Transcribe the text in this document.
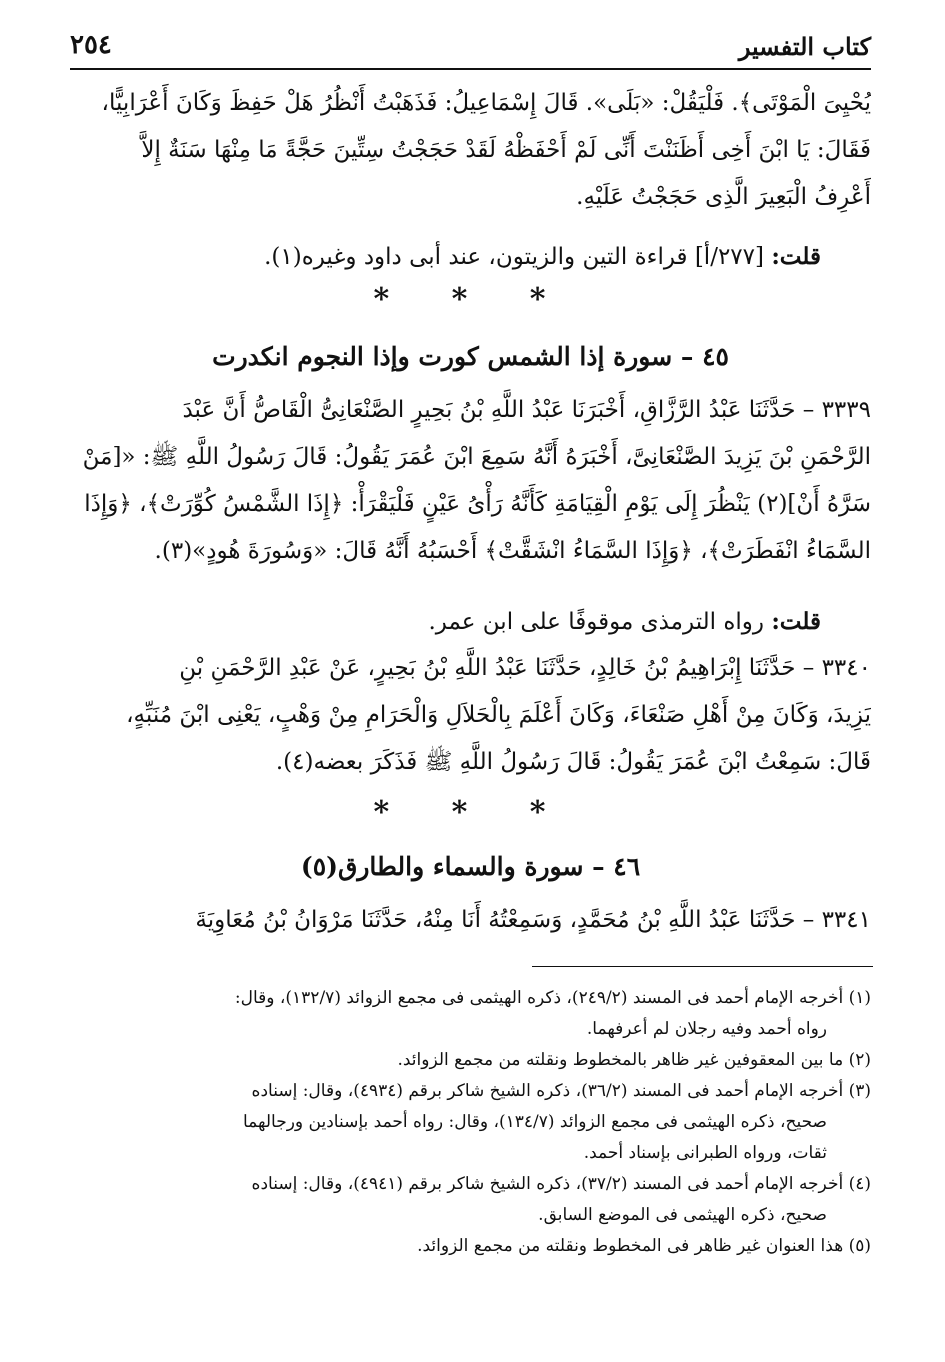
كتاب التفسير
٢٥٤
يُحْيِىَ الْمَوْتَى﴾. فَلْيَقُلْ: «بَلَى». قَالَ إِسْمَاعِيلُ: فَذَهَبْتُ أَنْظُرُ هَلْ حَفِظَ وَكَانَ أَعْرَابِيًّا،
فَقَالَ: يَا ابْنَ أَخِى أَظَنَنْتَ أَنِّى لَمْ أَحْفَظْهُ لَقَدْ حَجَجْتُ سِتِّينَ حَجَّةً مَا مِنْهَا سَنَةٌ إِلاَّ
أَعْرِفُ الْبَعِيرَ الَّذِى حَجَجْتُ عَلَيْهِ.
قلت: [٢٧٧/أ] قراءة التين والزيتون، عند أبى داود وغيره(١).
* * *
٤٥ – سورة إذا الشمس كورت وإذا النجوم انكدرت
٣٣٣٩ – حَدَّثَنَا عَبْدُ الرَّزَّاقِ، أَخْبَرَنَا عَبْدُ اللَّهِ بْنُ بَحِيرٍ الصَّنْعَانِىُّ الْقَاصُّ أَنَّ عَبْدَ
الرَّحْمَنِ بْنَ يَزِيدَ الصَّنْعَانِىَّ، أَخْبَرَهُ أَنَّهُ سَمِعَ ابْنَ عُمَرَ يَقُولُ: قَالَ رَسُولُ اللَّهِ ﷺ: «[مَنْ
سَرَّهُ أَنْ](٢) يَنْظُرَ إِلَى يَوْمِ الْقِيَامَةِ كَأَنَّهُ رَأْىُ عَيْنٍ فَلْيَقْرَأْ: ﴿إِذَا الشَّمْسُ كُوِّرَتْ﴾، ﴿وَإِذَا
السَّمَاءُ انْفَطَرَتْ﴾، ﴿وَإِذَا السَّمَاءُ انْشَقَّتْ﴾ أَحْسَبُهُ أَنَّهُ قَالَ: «وَسُورَةَ هُودٍ»(٣).
قلت: رواه الترمذى موقوفًا على ابن عمر.
٣٣٤٠ – حَدَّثَنَا إِبْرَاهِيمُ بْنُ خَالِدٍ، حَدَّثَنَا عَبْدُ اللَّهِ بْنُ بَحِيرٍ، عَنْ عَبْدِ الرَّحْمَنِ بْنِ
يَزِيدَ، وَكَانَ مِنْ أَهْلِ صَنْعَاءَ، وَكَانَ أَعْلَمَ بِالْحَلاَلِ وَالْحَرَامِ مِنْ وَهْبٍ، يَعْنِى ابْنَ مُنَبِّهٍ،
قَالَ: سَمِعْتُ ابْنَ عُمَرَ يَقُولُ: قَالَ رَسُولُ اللَّهِ ﷺ فَذَكَرَ بعضه(٤).
* * *
٤٦ – سورة والسماء والطارق(٥)
٣٣٤١ – حَدَّثَنَا عَبْدُ اللَّهِ بْنُ مُحَمَّدٍ، وَسَمِعْتُهُ أَنَا مِنْهُ، حَدَّثَنَا مَرْوَانُ بْنُ مُعَاوِيَةَ
(١) أخرجه الإمام أحمد فى المسند (٢٤٩/٢)، ذكره الهيثمى فى مجمع الزوائد (١٣٢/٧)، وقال:
رواه أحمد وفيه رجلان لم أعرفهما.
(٢) ما بين المعقوفين غير ظاهر بالمخطوط ونقلته من مجمع الزوائد.
(٣) أخرجه الإمام أحمد فى المسند (٣٦/٢)، ذكره الشيخ شاكر برقم (٤٩٣٤)، وقال: إسناده
صحيح، ذكره الهيثمى فى مجمع الزوائد (١٣٤/٧)، وقال: رواه أحمد بإسنادين ورجالهما
ثقات، ورواه الطبرانى بإسناد أحمد.
(٤) أخرجه الإمام أحمد فى المسند (٣٧/٢)، ذكره الشيخ شاكر برقم (٤٩٤١)، وقال: إسناده
صحيح، ذكره الهيثمى فى الموضع السابق.
(٥) هذا العنوان غير ظاهر فى المخطوط ونقلته من مجمع الزوائد.
